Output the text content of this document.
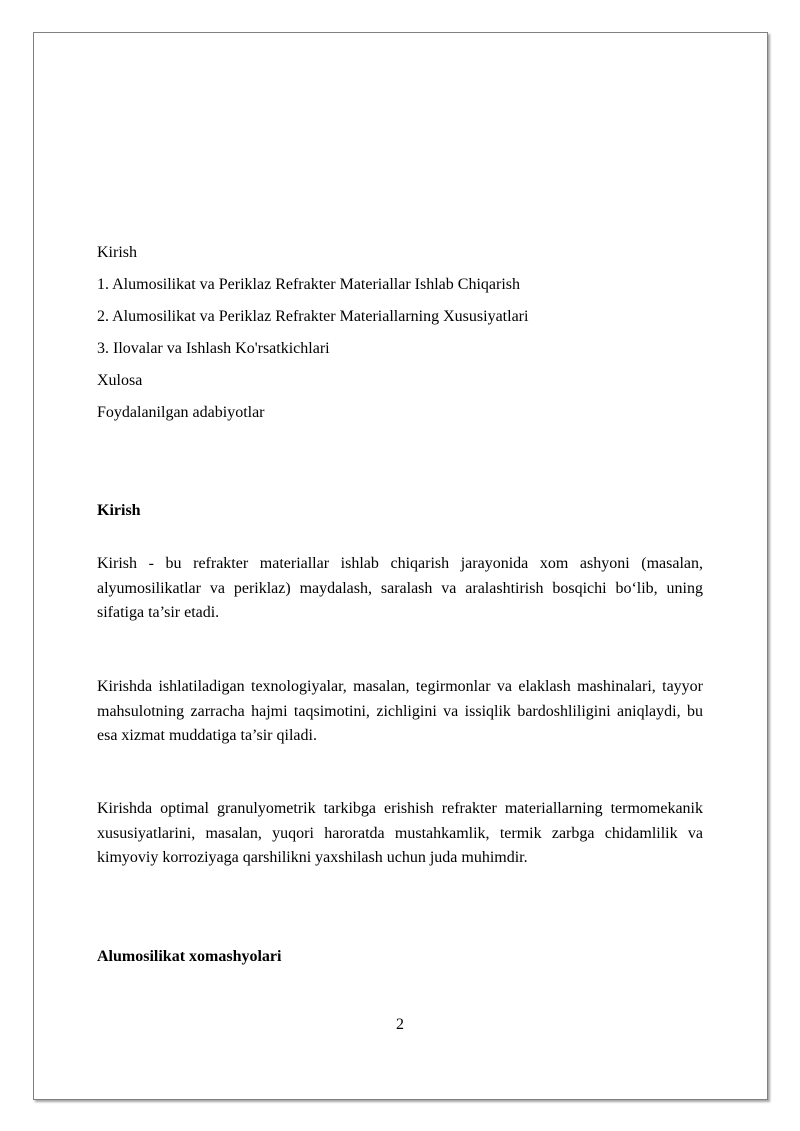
Kirish
1. Alumosilikat va Periklaz Refrakter Materiallar Ishlab Chiqarish
2. Alumosilikat va Periklaz Refrakter Materiallarning Xususiyatlari
3. Ilovalar va Ishlash Ko'rsatkichlari
Xulosa
Foydalanilgan adabiyotlar
Kirish

Kirish - bu refrakter materiallar ishlab chiqarish jarayonida xom ashyoni (masalan, alyumosilikatlar va periklaz) maydalash, saralash va aralashtirish bosqichi bo‘lib, uning sifatiga ta’sir etadi.

Kirishda ishlatiladigan texnologiyalar, masalan, tegirmonlar va elaklash mashinalari, tayyor mahsulotning zarracha hajmi taqsimotini, zichligini va issiqlik bardoshliligini aniqlaydi, bu esa xizmat muddatiga ta’sir qiladi.

Kirishda optimal granulyometrik tarkibga erishish refrakter materiallarning termomekanik xususiyatlarini, masalan, yuqori haroratda mustahkamlik, termik zarbga chidamlilik va kimyoviy korroziyaga qarshilikni yaxshilash uchun juda muhimdir.

Alumosilikat xomashyolari
2
